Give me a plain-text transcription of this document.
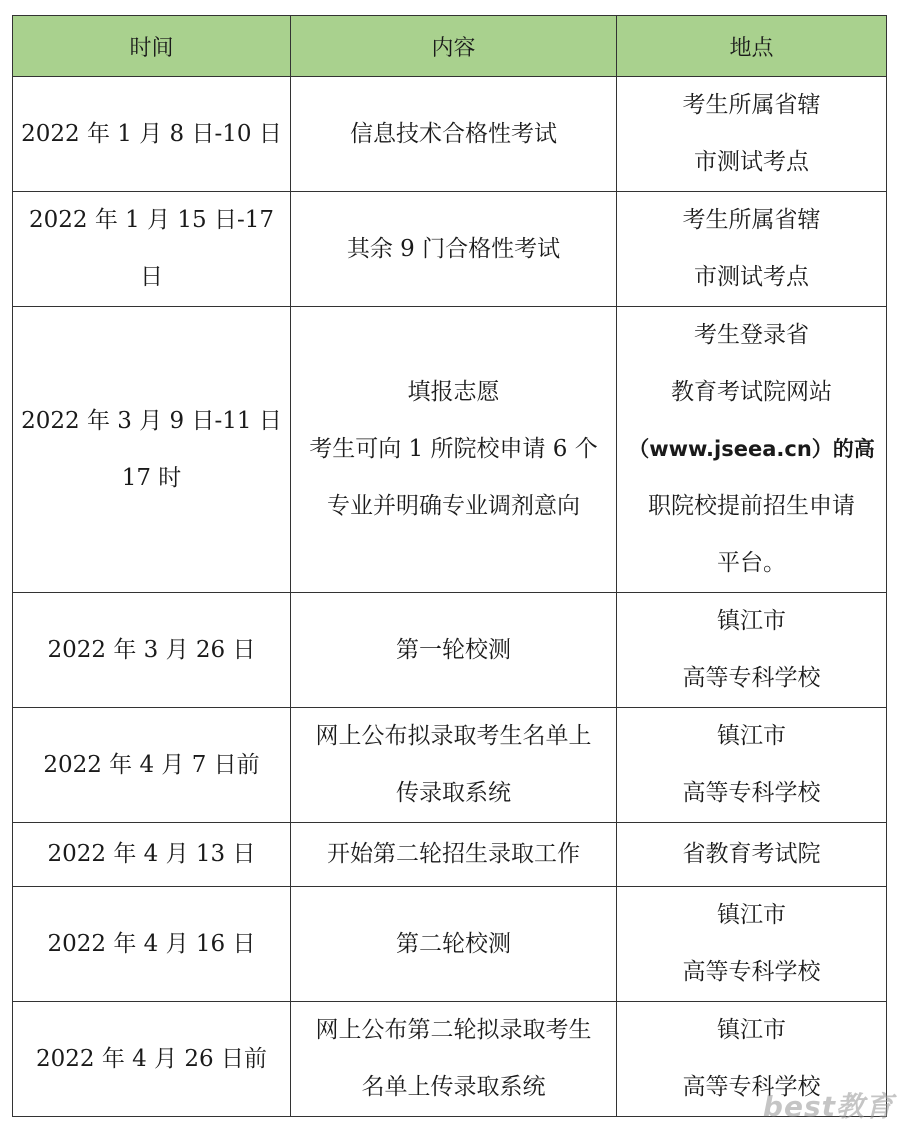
时间	内容	地点

2022 年 1 月 8 日-10 日	信息技术合格性考试	考生所属省辖
市测试考点

2022 年 1 月 15 日-17 日	其余 9 门合格性考试	考生所属省辖
市测试考点

2022 年 3 月 9 日-11 日
17 时	填报志愿
考生可向 1 所院校申请 6 个
专业并明确专业调剂意向	考生登录省
教育考试院网站
（www.jseea.cn）的高
职院校提前招生申请
平台。

2022 年 3 月 26 日	第一轮校测	镇江市
高等专科学校

2022 年 4 月 7 日前	网上公布拟录取考生名单上
传录取系统	镇江市
高等专科学校

2022 年 4 月 13 日	开始第二轮招生录取工作	省教育考试院

2022 年 4 月 16 日	第二轮校测	镇江市
高等专科学校

2022 年 4 月 26 日前	网上公布第二轮拟录取考生
名单上传录取系统	镇江市
高等专科学校
best教育
